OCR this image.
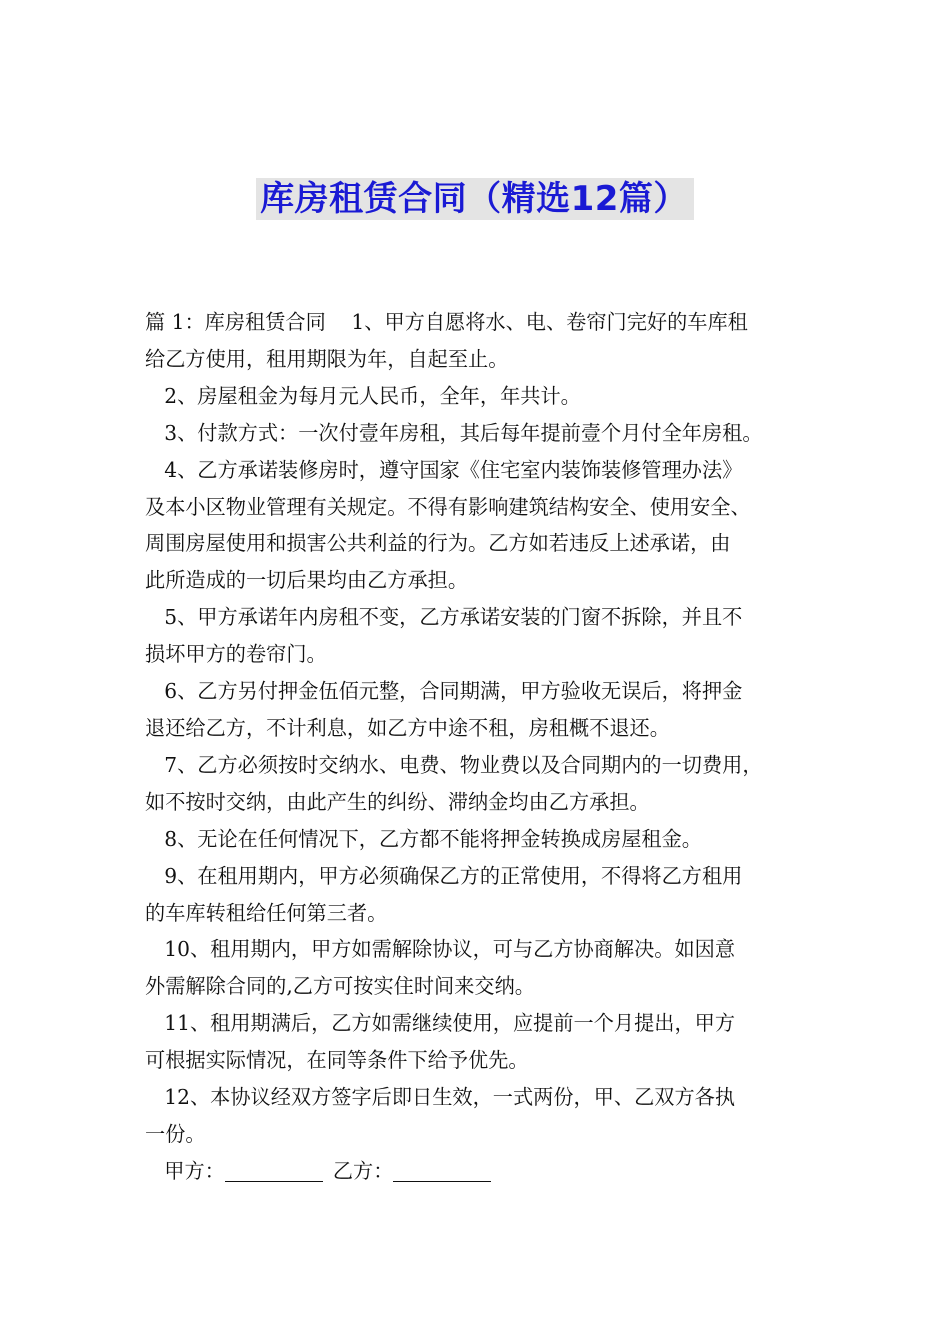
库房租赁合同（精选12篇）

篇 1：库房租赁合同    1、甲方自愿将水、电、卷帘门完好的车库租

给乙方使用，租用期限为年，自起至止。

2、房屋租金为每月元人民币，全年，年共计。

3、付款方式：一次付壹年房租，其后每年提前壹个月付全年房租。

4、乙方承诺装修房时，遵守国家《住宅室内装饰装修管理办法》

及本小区物业管理有关规定。不得有影响建筑结构安全、使用安全、

周围房屋使用和损害公共利益的行为。乙方如若违反上述承诺，由

此所造成的一切后果均由乙方承担。

5、甲方承诺年内房租不变，乙方承诺安装的门窗不拆除，并且不

损坏甲方的卷帘门。

6、乙方另付押金伍佰元整，合同期满，甲方验收无误后，将押金

退还给乙方，不计利息，如乙方中途不租，房租概不退还。

7、乙方必须按时交纳水、电费、物业费以及合同期内的一切费用，

如不按时交纳，由此产生的纠纷、滞纳金均由乙方承担。

8、无论在任何情况下，乙方都不能将押金转换成房屋租金。

9、在租用期内，甲方必须确保乙方的正常使用，不得将乙方租用

的车库转租给任何第三者。

10、租用期内，甲方如需解除协议，可与乙方协商解决。如因意

外需解除合同的,乙方可按实住时间来交纳。

11、租用期满后，乙方如需继续使用，应提前一个月提出，甲方

可根据实际情况，在同等条件下给予优先。

12、本协议经双方签字后即日生效，一式两份，甲、乙双方各执

一份。

甲方：	乙方：
